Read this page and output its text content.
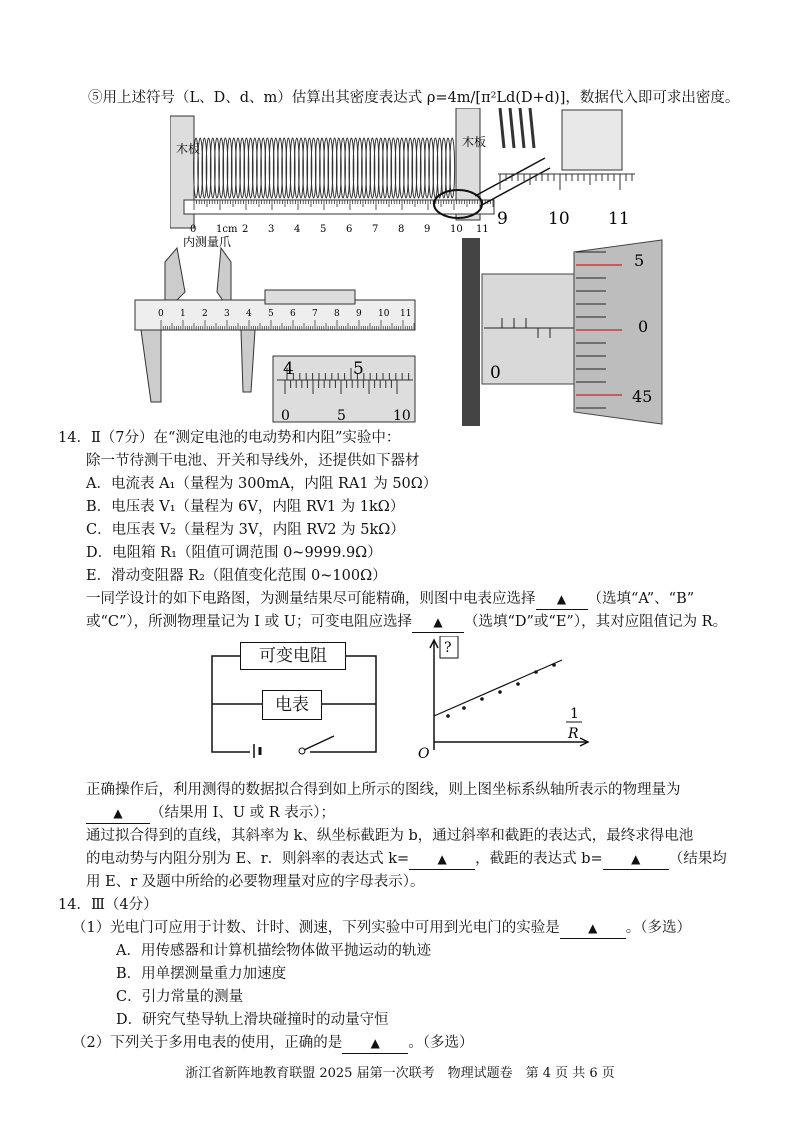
⑤用上述符号（L、D、d、m）估算出其密度表达式 ρ=4m/[π²Ld(D+d)]，数据代入即可求出密度。
木板	木板
0 1cm 2 3 4 5 6 7 8 9 10 11
9 10 11
内测量爪
0 1 2 3 4 5 6 7 8 9 10 11
4	5
0	5	10
0
5
0
45
14．Ⅱ（7分）在“测定电池的电动势和内阻”实验中：
除一节待测干电池、开关和导线外，还提供如下器材
A．电流表 A₁（量程为 300mA，内阻 RA1 为 50Ω）
B．电压表 V₁（量程为 6V，内阻 RV1 为 1kΩ）
C．电压表 V₂（量程为 3V，内阻 RV2 为 5kΩ）
D．电阻箱 R₁（阻值可调范围 0~9999.9Ω）
E．滑动变阻器 R₂（阻值变化范围 0~100Ω）
一同学设计的如下电路图，为测量结果尽可能精确，则图中电表应选择 ▲ （选填“A”、“B”
或“C”），所测物理量记为 I 或 U；可变电阻应选择 ▲ （选填“D”或“E”），其对应阻值记为 R。
可变电阻
电表
?
1
R
O
正确操作后，利用测得的数据拟合得到如上所示的图线，则上图坐标系纵轴所表示的物理量为
▲ （结果用 I、U 或 R 表示）；
通过拟合得到的直线，其斜率为 k、纵坐标截距为 b，通过斜率和截距的表达式，最终求得电池
的电动势与内阻分别为 E、r．则斜率的表达式 k= ▲ ，截距的表达式 b= ▲ （结果均
用 E、r 及题中所给的必要物理量对应的字母表示）。
14．Ⅲ（4分）
（1）光电门可应用于计数、计时、测速，下列实验中可用到光电门的实验是 ▲ 。（多选）
A．用传感器和计算机描绘物体做平抛运动的轨迹
B．用单摆测量重力加速度
C．引力常量的测量
D．研究气垫导轨上滑块碰撞时的动量守恒
（2）下列关于多用电表的使用，正确的是 ▲ 。（多选）
浙江省新阵地教育联盟 2025 届第一次联考　物理试题卷　第 4 页 共 6 页
